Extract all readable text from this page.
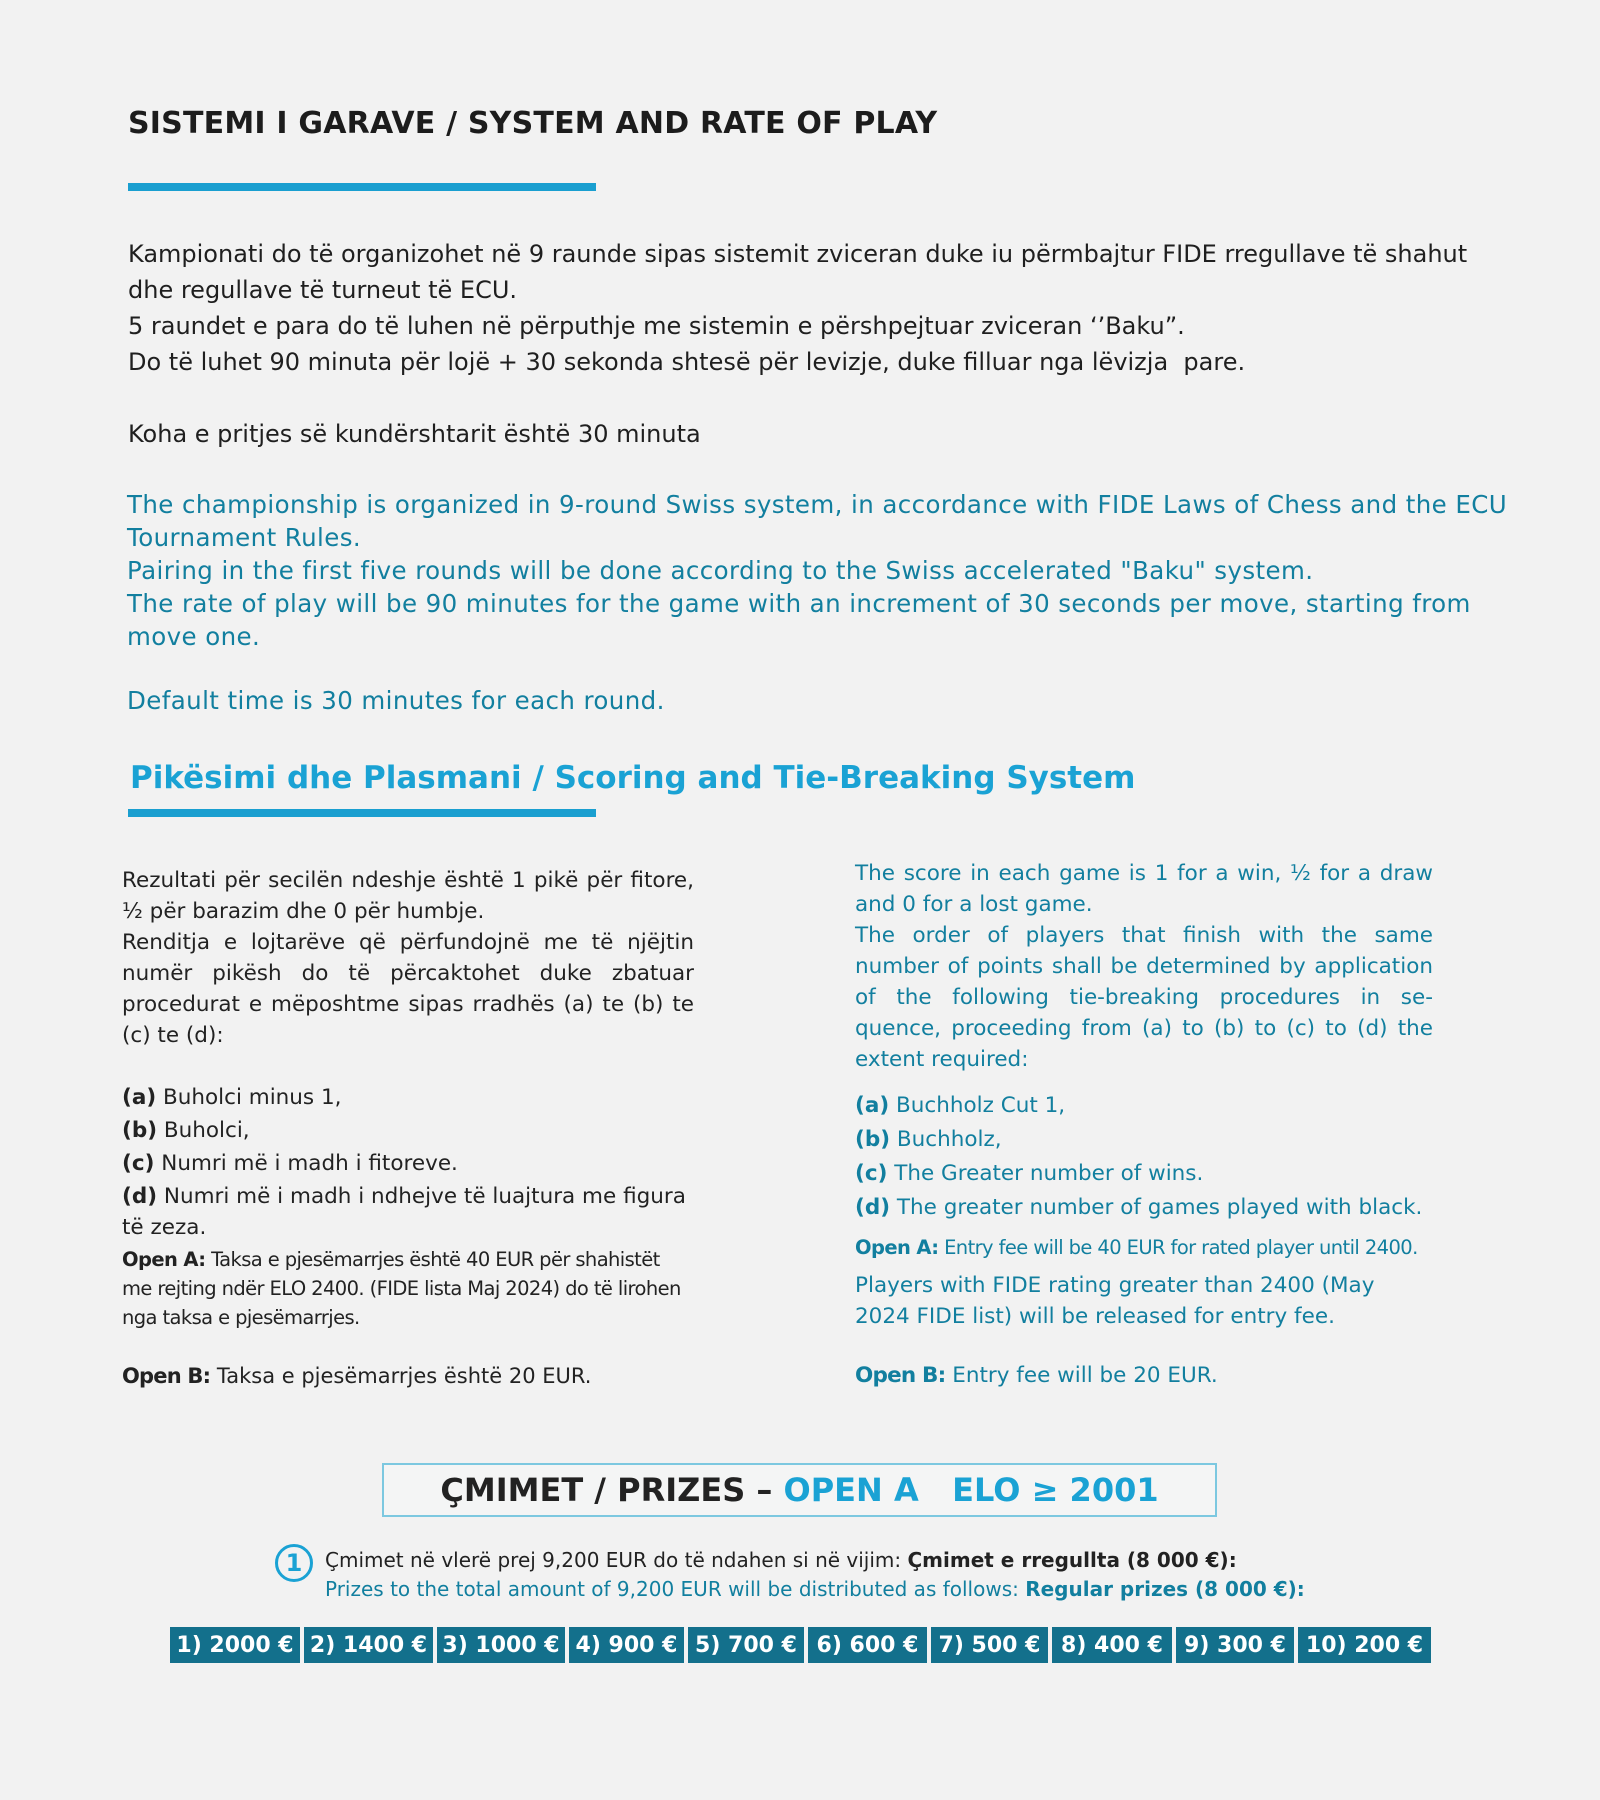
SISTEMI I GARAVE / SYSTEM AND RATE OF PLAY

Kampionati do të organizohet në 9 raunde sipas sistemit zviceran duke iu përmbajtur FIDE rregullave të shahut dhe regullave të turneut të ECU.

5 raundet e para do të luhen në përputhje me sistemin e përshpejtuar zviceran ‘’Baku”.

Do të luhet 90 minuta për lojë + 30 sekonda shtesë për levizje, duke filluar nga lëvizja  pare.

Koha e pritjes së kundërshtarit është 30 minuta

The championship is organized in 9-round Swiss system, in accordance with FIDE Laws of Chess and the ECU Tournament Rules.

Pairing in the first five rounds will be done according to the Swiss accelerated "Baku" system.

The rate of play will be 90 minutes for the game with an increment of 30 seconds per move, starting from move one.

Default time is 30 minutes for each round.
Pikësimi dhe Plasmani / Scoring and Tie-Breaking System

Rezultati për secilën ndeshje është 1 pikë për fitore, ½ për barazim dhe 0 për humbje.

Renditja e lojtarëve që përfundojnë me të njëjtin numër pikësh do të përcaktohet duke zbatuar procedurat e mëposhtme sipas rradhës (a) te (b) te (c) te (d):

(a) Buholci minus 1,

(b) Buholci,

(c) Numri më i madh i fitoreve.

(d) Numri më i madh i ndhejve të luajtura me figura të zeza.

Open A: Taksa e pjesëmarrjes është 40 EUR për shahistët me rejting ndër ELO 2400. (FIDE lista Maj 2024) do të lirohen nga taksa e pjesëmarrjes.

Open B: Taksa e pjesëmarrjes është 20 EUR.

The score in each game is 1 for a win, ½ for a draw and 0 for a lost game.

The order of players that finish with the same number of points shall be determined by application of the following tie-breaking procedures in se-quence, proceeding from (a) to (b) to (c) to (d) the extent required:

(a) Buchholz Cut 1,

(b) Buchholz,

(c) The Greater number of wins.

(d) The greater number of games played with black.

Open A: Entry fee will be 40 EUR for rated player until 2400.

Players with FIDE rating greater than 2400 (May 2024 FIDE list) will be released for entry fee.

Open B: Entry fee will be 20 EUR.

ÇMIMET / PRIZES – OPEN A   ELO ≥ 2001
1	Çmimet në vlerë prej 9,200 EUR do të ndahen si në vijim: Çmimet e rregullta (8 000 €):
Prizes to the total amount of 9,200 EUR will be distributed as follows: Regular prizes (8 000 €):
1) 2000 € 2) 1400 € 3) 1000 € 4) 900 € 5) 700 € 6) 600 € 7) 500 € 8) 400 € 9) 300 € 10) 200 €
